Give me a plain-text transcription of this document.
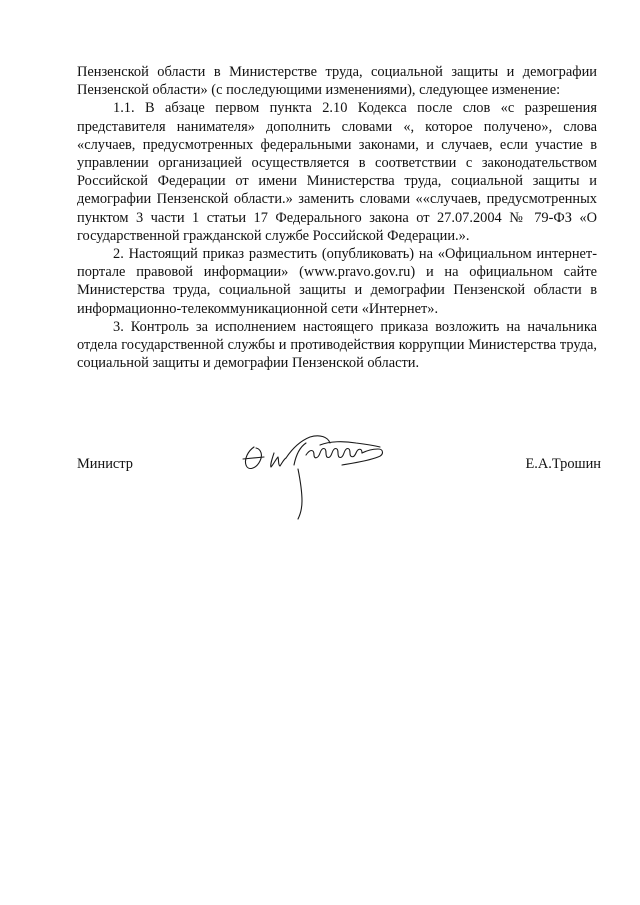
Пензенской области в Министерстве труда, социальной защиты и демографии Пензенской области» (с последующими изменениями), следующее изменение:

1.1. В абзаце первом пункта 2.10 Кодекса после слов «с разрешения представителя нанимателя» дополнить словами «, которое получено», слова «случаев, предусмотренных федеральными законами, и случаев, если участие в управлении организацией осуществляется в соответствии с законодательством Российской Федерации от имени Министерства труда, социальной защиты и демографии Пензенской области.» заменить словами ««случаев, предусмотренных пунктом 3 части 1 статьи 17 Федерального закона от 27.07.2004 № 79-ФЗ «О государственной гражданской службе Российской Федерации.».

2. Настоящий приказ разместить (опубликовать) на «Официальном интернет-портале правовой информации» (www.pravo.gov.ru) и на официальном сайте Министерства труда, социальной защиты и демографии Пензенской области в информационно-телекоммуникационной сети «Интернет».

3. Контроль за исполнением настоящего приказа возложить на начальника отдела государственной службы и противодействия коррупции Министерства труда, социальной защиты и демографии Пензенской области.

Министр	Е.А.Трошин
